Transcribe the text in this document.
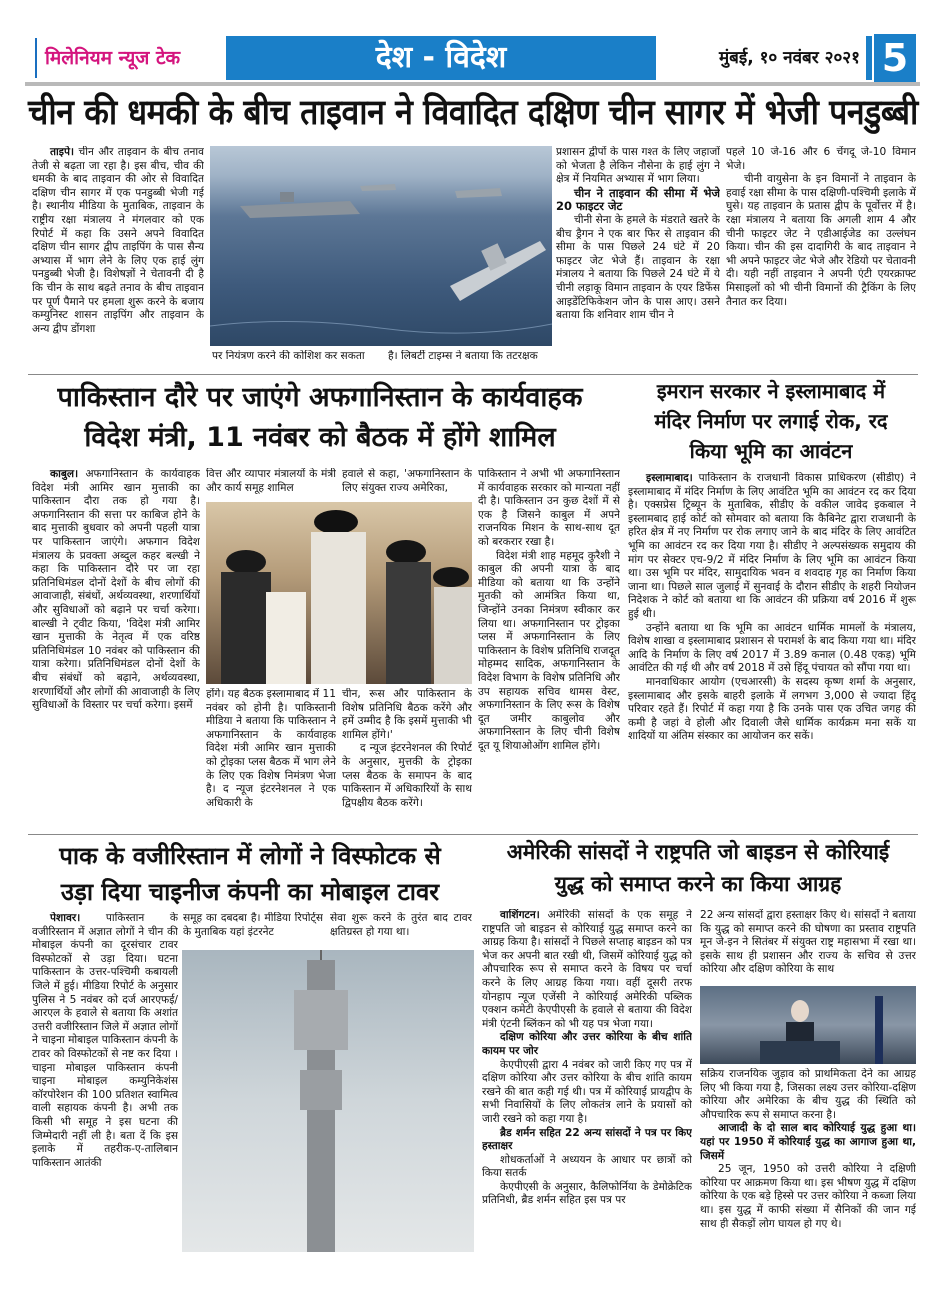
मिलेनियम न्यूज टेक	देश - विदेश	मुंबई, १० नवंबर २०२१ 5
चीन की धमकी के बीच ताइवान ने विवादित दक्षिण चीन सागर में भेजी पनडुब्बी

ताइपे। चीन और ताइवान के बीच तनाव तेजी से बढ़ता जा रहा है। इस बीच, चीव की धमकी के बाद ताइवान की ओर से विवादित दक्षिण चीन सागर में एक पनडुब्बी भेजी गई है। स्थानीय मीडिया के मुताबिक, ताइवान के राष्ट्रीय रक्षा मंत्रालय ने मंगलवार को एक रिपोर्ट में कहा कि उसने अपने विवादित दक्षिण चीन सागर द्वीप ताइपिंग के पास सैन्य अभ्यास में भाग लेने के लिए एक हाई लुंग पनडुब्बी भेजी है। विशेषज्ञों ने चेतावनी दी है कि चीन के साथ बढ़ते तनाव के बीच ताइवान पर पूर्ण पैमाने पर हमला शुरू करने के बजाय कम्युनिस्ट शासन ताइपिंग और ताइवान के अन्य द्वीप डोंगशा

पर नियंत्रण करने की कोशिश कर सकता	है। लिबर्टी टाइम्स ने बताया कि तटरक्षक

प्रशासन द्वीपों के पास गश्त के लिए जहाजों को भेजता है लेकिन नौसेना के हाई लुंग ने क्षेत्र में नियमित अभ्यास में भाग लिया।

चीन ने ताइवान की सीमा में भेजे 20 फाइटर जेट

चीनी सेना के हमले के मंडराते खतरे के बीच ड्रैगन ने एक बार फिर से ताइवान की सीमा के पास पिछले 24 घंटे में 20 फाइटर जेट भेजे हैं। ताइवान के रक्षा मंत्रालय ने बताया कि पिछले 24 घंटे में ये चीनी लड़ाकू विमान ताइवान के एयर डिफेंस आइडेंटिफिकेशन जोन के पास आए। उसने बताया कि शनिवार शाम चीन ने

पहले 10 जे-16 और 6 चेंगदू जे-10 विमान भेजे।

चीनी वायुसेना के इन विमानों ने ताइवान के हवाई रक्षा सीमा के पास दक्षिणी-पश्चिमी इलाके में घुसे। यह ताइवान के प्रतास द्वीप के पूर्वोत्तर में है। रक्षा मंत्रालय ने बताया कि अगली शाम 4 और चीनी फाइटर जेट ने एडीआईजेड का उल्लंघन किया। चीन की इस दादागिरी के बाद ताइवान ने भी अपने फाइटर जेट भेजे और रेडियो पर चेतावनी दी। यही नहीं ताइवान ने अपनी एंटी एयरक्राफ्ट मिसाइलों को भी चीनी विमानों की ट्रैकिंग के लिए तैनात कर दिया।

पाकिस्तान दौरे पर जाएंगे अफगानिस्तान के कार्यवाहक
विदेश मंत्री, 11 नवंबर को बैठक में होंगे शामिल

काबुल। अफगानिस्तान के कार्यवाहक विदेश मंत्री आमिर खान मुत्ताकी का पाकिस्तान दौरा तक हो गया है। अफगानिस्तान की सत्ता पर काबिज होने के बाद मुत्ताकी बुधवार को अपनी पहली यात्रा पर पाकिस्तान जाएंगे। अफगान विदेश मंत्रालय के प्रवक्ता अब्दुल कहर बल्खी ने कहा कि पाकिस्तान दौरे पर जा रहा प्रतिनिधिमंडल दोनों देशों के बीच लोगों की आवाजाही, संबंधों, अर्थव्यवस्था, शरणार्थियों और सुविधाओं को बढ़ाने पर चर्चा करेगा। बाल्खी ने ट्वीट किया, 'विदेश मंत्री आमिर खान मुत्ताकी के नेतृत्व में एक वरिष्ठ प्रतिनिधिमंडल 10 नवंबर को पाकिस्तान की यात्रा करेगा। प्रतिनिधिमंडल दोनों देशों के बीच संबंधों को बढ़ाने, अर्थव्यवस्था, शरणार्थियों और लोगों की आवाजाही के लिए सुविधाओं के विस्तार पर चर्चा करेगा। इसमें

वित्त और व्यापार मंत्रालयों के मंत्री और कार्य समूह शामिल

हवाले से कहा, 'अफगानिस्तान के लिए संयुक्त राज्य अमेरिका,

होंगे। यह बैठक इस्लामाबाद में 11 नवंबर को होनी है। पाकिस्तानी मीडिया ने बताया कि पाकिस्तान ने अफगानिस्तान के कार्यवाहक विदेश मंत्री आमिर खान मुत्ताकी को ट्रोइका प्लस बैठक में भाग लेने के लिए एक विशेष निमंत्रण भेजा है। द न्यूज इंटरनेशनल ने एक अधिकारी के

चीन, रूस और पाकिस्तान के विशेष प्रतिनिधि बैठक करेंगे और हमें उम्मीद है कि इसमें मुत्ताकी भी शामिल होंगे।'

द न्यूज इंटरनेशनल की रिपोर्ट के अनुसार, मुत्तकी के ट्रोइका प्लस बैठक के समापन के बाद पाकिस्तान में अधिकारियों के साथ द्विपक्षीय बैठक करेंगे।

पाकिस्तान ने अभी भी अफगानिस्तान में कार्यवाहक सरकार को मान्यता नहीं दी है। पाकिस्तान उन कुछ देशों में से एक है जिसने काबुल में अपने राजनयिक मिशन के साथ-साथ दूत को बरकरार रखा है।

विदेश मंत्री शाह महमूद कुरैशी ने काबुल की अपनी यात्रा के बाद मीडिया को बताया था कि उन्होंने मुतकी को आमंत्रित किया था, जिन्होंने उनका निमंत्रण स्वीकार कर लिया था। अफगानिस्तान पर ट्रोइका प्लस में अफगानिस्तान के लिए पाकिस्तान के विशेष प्रतिनिधि राजदूत मोहम्मद सादिक, अफगानिस्तान के विदेश विभाग के विशेष प्रतिनिधि और उप सहायक सचिव थामस वेस्ट, अफगानिस्तान के लिए रूस के विशेष दूत जमीर काबुलोव और अफगानिस्तान के लिए चीनी विशेष दूत यू शियाओओंग शामिल होंगे।

इमरान सरकार ने इस्लामाबाद में
मंदिर निर्माण पर लगाई रोक, रद
किया भूमि का आवंटन

इस्लामाबाद। पाकिस्तान के राजधानी विकास प्राधिकरण (सीडीए) ने इस्लामाबाद में मंदिर निर्माण के लिए आवंटित भूमि का आवंटन रद कर दिया है। एक्सप्रेस ट्रिब्यून के मुताबिक, सीडीए के वकील जावेद इकबाल ने इस्लामबाद हाई कोर्ट को सोमवार को बताया कि कैबिनेट द्वारा राजधानी के हरित क्षेत्र में नए निर्माण पर रोक लगाए जाने के बाद मंदिर के लिए आवंटित भूमि का आवंटन रद कर दिया गया है। सीडीए ने अल्पसंख्यक समुदाय की मांग पर सेक्टर एच-9/2 में मंदिर निर्माण के लिए भूमि का आवंटन किया था। उस भूमि पर मंदिर, सामुदायिक भवन व शवदाह गृह का निर्माण किया जाना था। पिछले साल जुलाई में सुनवाई के दौरान सीडीए के शहरी नियोजन निदेशक ने कोर्ट को बताया था कि आवंटन की प्रक्रिया वर्ष 2016 में शुरू हुई थी।

उन्होंने बताया था कि भूमि का आवंटन धार्मिक मामलों के मंत्रालय, विशेष शाखा व इस्लामाबाद प्रशासन से परामर्श के बाद किया गया था। मंदिर आदि के निर्माण के लिए वर्ष 2017 में 3.89 कनाल (0.48 एकड़) भूमि आवंटित की गई थी और वर्ष 2018 में उसे हिंदू पंचायत को सौंपा गया था।

मानवाधिकार आयोग (एचआरसी) के सदस्य कृष्ण शर्मा के अनुसार, इस्लामाबाद और इसके बाहरी इलाके में लगभग 3,000 से ज्यादा हिंदू परिवार रहते हैं। रिपोर्ट में कहा गया है कि उनके पास एक उचित जगह की कमी है जहां वे होली और दिवाली जैसे धार्मिक कार्यक्रम मना सकें या शादियों या अंतिम संस्कार का आयोजन कर सकें।

पाक के वजीरिस्तान में लोगों ने विस्फोटक से
उड़ा दिया चाइनीज कंपनी का मोबाइल टावर

पेशावर। पाकिस्तान के वजीरिस्तान में अज्ञात लोगों ने चीन की मोबाइल कंपनी का दूरसंचार टावर विस्फोटकों से उड़ा दिया। घटना पाकिस्तान के उत्तर-पश्चिमी कबायली जिले में हुई। मीडिया रिपोर्ट के अनुसार पुलिस ने 5 नवंबर को दर्ज आरएफई/आरएल के हवाले से बताया कि अशांत उत्तरी वजीरिस्तान जिले में अज्ञात लोगों ने चाइना मोबाइल पाकिस्तान कंपनी के टावर को विस्फोटकों से नष्ट कर दिया । चाइना मोबाइल पाकिस्तान कंपनी चाइना मोबाइल कम्युनिकेशंस कॉरपोरेशन की 100 प्रतिशत स्वामित्व वाली सहायक कंपनी है। अभी तक किसी भी समूह ने इस घटना की जिम्मेदारी नहीं ली है। बता दें कि इस इलाके में तहरीक-ए-तालिबान पाकिस्तान आतंकी

समूह का दबदबा है। मीडिया रिपोर्ट्स के मुताबिक यहां इंटरनेट

सेवा शुरू करने के तुरंत बाद टावर क्षतिग्रस्त हो गया था।

अमेरिकी सांसदों ने राष्ट्रपति जो बाइडन से कोरियाई
युद्ध को समाप्त करने का किया आग्रह

वाशिंगटन। अमेरिकी सांसदों के एक समूह ने राष्ट्रपति जो बाइडन से कोरियाई युद्ध समाप्त करने का आग्रह किया है। सांसदों ने पिछले सप्ताह बाइडन को पत्र भेज कर अपनी बात रखी थी, जिसमें कोरियाई युद्ध को औपचारिक रूप से समाप्त करने के विषय पर चर्चा करने के लिए आग्रह किया गया। वहीं दूसरी तरफ योनहाप न्यूज एजेंसी ने कोरियाई अमेरिकी पब्लिक एक्शन कमेटी केएपीएसी के हवाले से बताया की विदेश मंत्री एंटनी ब्लिंकन को भी यह पत्र भेजा गया।

दक्षिण कोरिया और उत्तर कोरिया के बीच शांति कायम पर जोर

केएपीएसी द्वारा 4 नवंबर को जारी किए गए पत्र में दक्षिण कोरिया और उत्तर कोरिया के बीच शांति कायम रखने की बात कही गई थी। पत्र में कोरियाई प्रायद्वीप के सभी निवासियों के लिए लोकतंत्र लाने के प्रयासों को जारी रखने को कहा गया है।

ब्रैड शर्मन सहित 22 अन्य सांसदों ने पत्र पर किए हस्ताक्षर

शोधकर्ताओं ने अध्ययन के आधार पर छात्रों को किया सतर्क

केएपीएसी के अनुसार, कैलिफोर्निया के डेमोक्रेटिक प्रतिनिधी, ब्रैड शर्मन सहित इस पत्र पर

22 अन्य सांसदों द्वारा हस्ताक्षर किए थे। सांसदों ने बताया कि युद्ध को समाप्त करने की घोषणा का प्रस्ताव राष्ट्रपति मून जे-इन ने सितंबर में संयुक्त राष्ट्र महासभा में रखा था। इसके साथ ही प्रशासन और राज्य के सचिव से उत्तर कोरिया और दक्षिण कोरिया के साथ

सक्रिय राजनयिक जुड़ाव को प्राथमिकता देने का आग्रह लिए भी किया गया है, जिसका लक्ष्य उत्तर कोरिया-दक्षिण कोरिया और अमेरिका के बीच युद्ध की स्थिति को औपचारिक रूप से समाप्त करना है।

आजादी के दो साल बाद कोरियाई युद्ध हुआ था। यहां पर 1950 में कोरियाई युद्ध का आगाज हुआ था, जिसमें

25 जून, 1950 को उत्तरी कोरिया ने दक्षिणी कोरिया पर आक्रमण किया था। इस भीषण युद्ध में दक्षिण कोरिया के एक बड़े हिस्से पर उत्तर कोरिया ने कब्जा लिया था। इस युद्ध में काफी संख्या में सैनिकों की जान गई साथ ही सैकड़ों लोग घायल हो गए थे।
